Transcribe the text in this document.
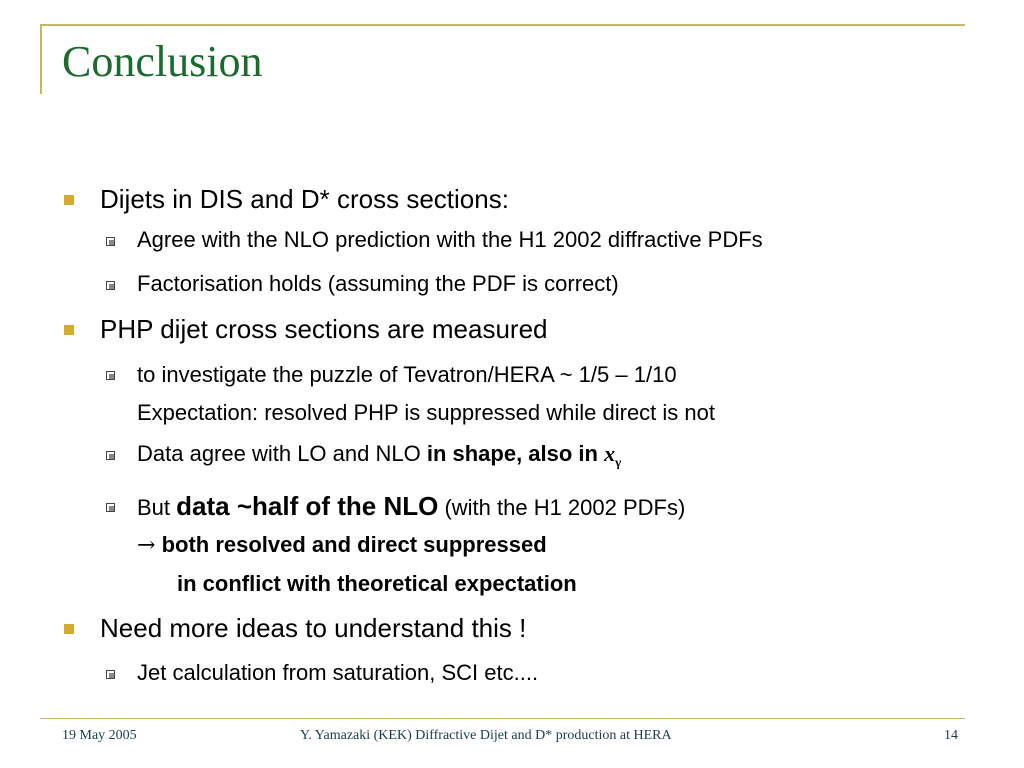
Conclusion
Dijets in DIS and D* cross sections:
Agree with the NLO prediction with the H1 2002 diffractive PDFs
Factorisation holds (assuming the PDF is correct)
PHP dijet cross sections are measured
to investigate the puzzle of Tevatron/HERA ~ 1/5 – 1/10
Expectation: resolved PHP is suppressed while direct is not
Data agree with LO and NLO in shape, also in $x_\gamma$
But data ~half of the NLO (with the H1 2002 PDFs)
→ both resolved and direct suppressed
in conflict with theoretical expectation
Need more ideas to understand this !
Jet calculation from saturation, SCI etc....
19 May 2005	Y. Yamazaki (KEK) Diffractive Dijet and D* production at HERA	14
